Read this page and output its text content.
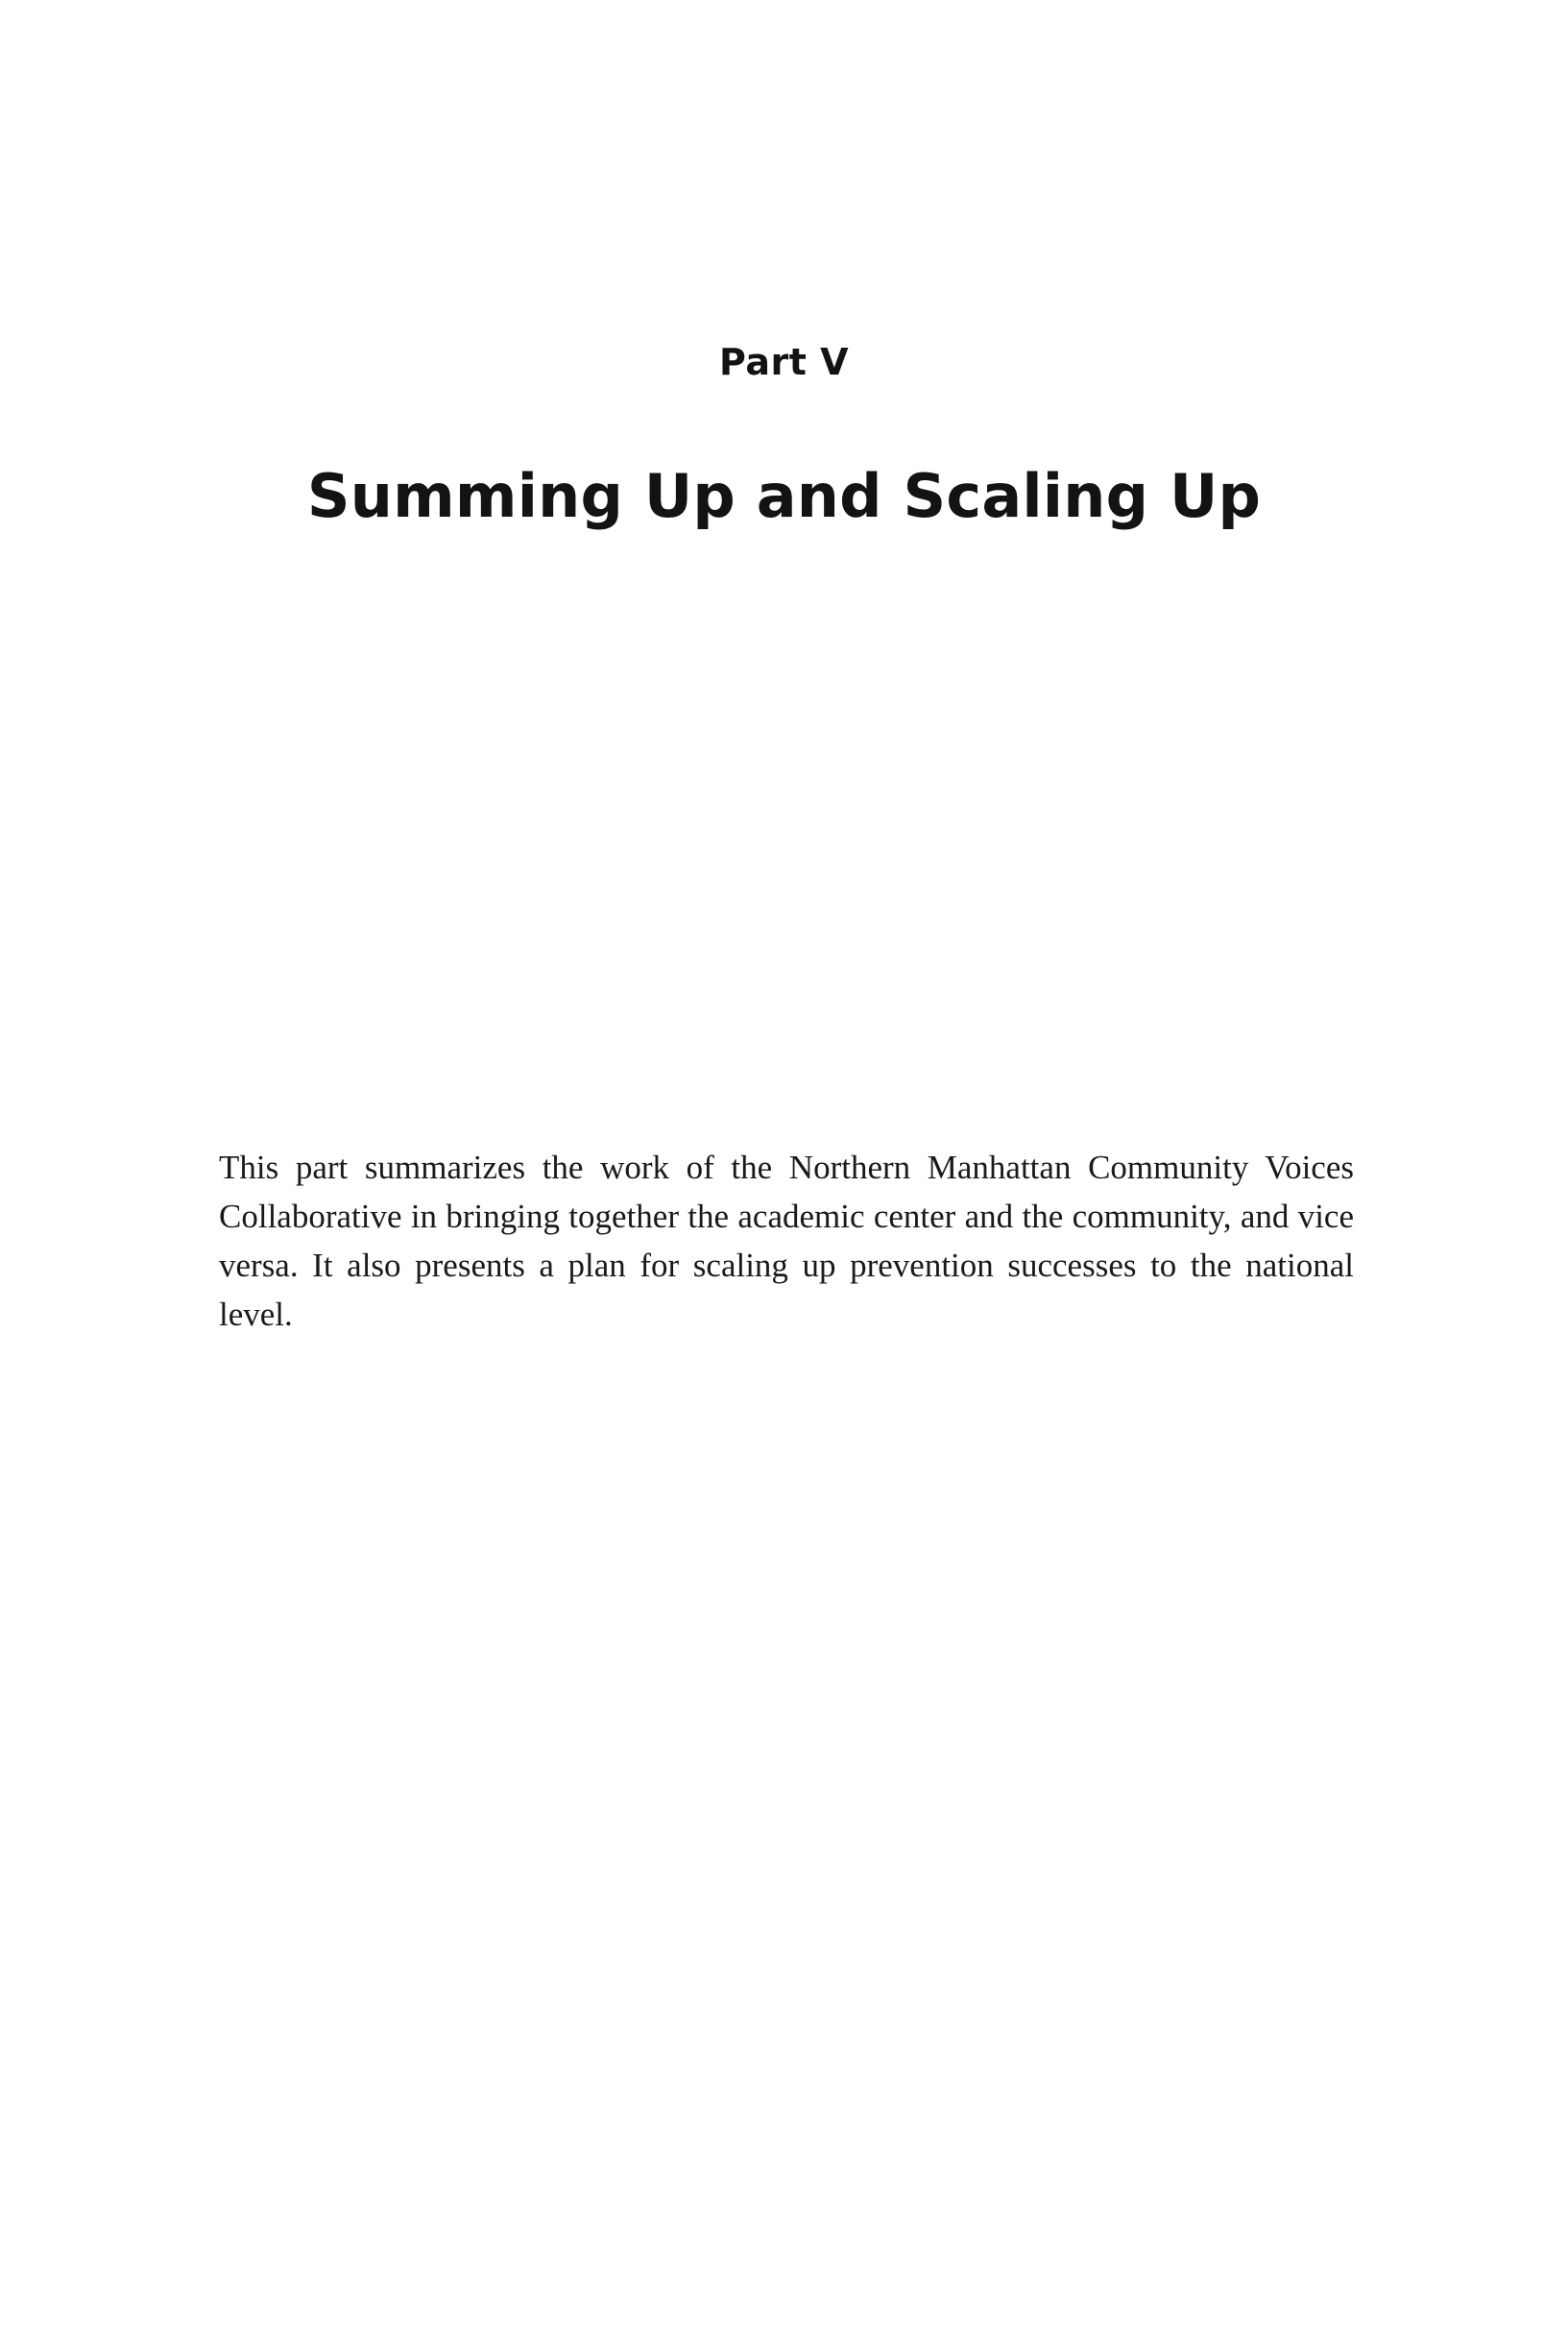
Part V
Summing Up and Scaling Up

This part summarizes the work of the Northern Manhattan Community Voices Collaborative in bringing together the academic center and the community, and vice versa. It also presents a plan for scaling up prevention successes to the national level.
